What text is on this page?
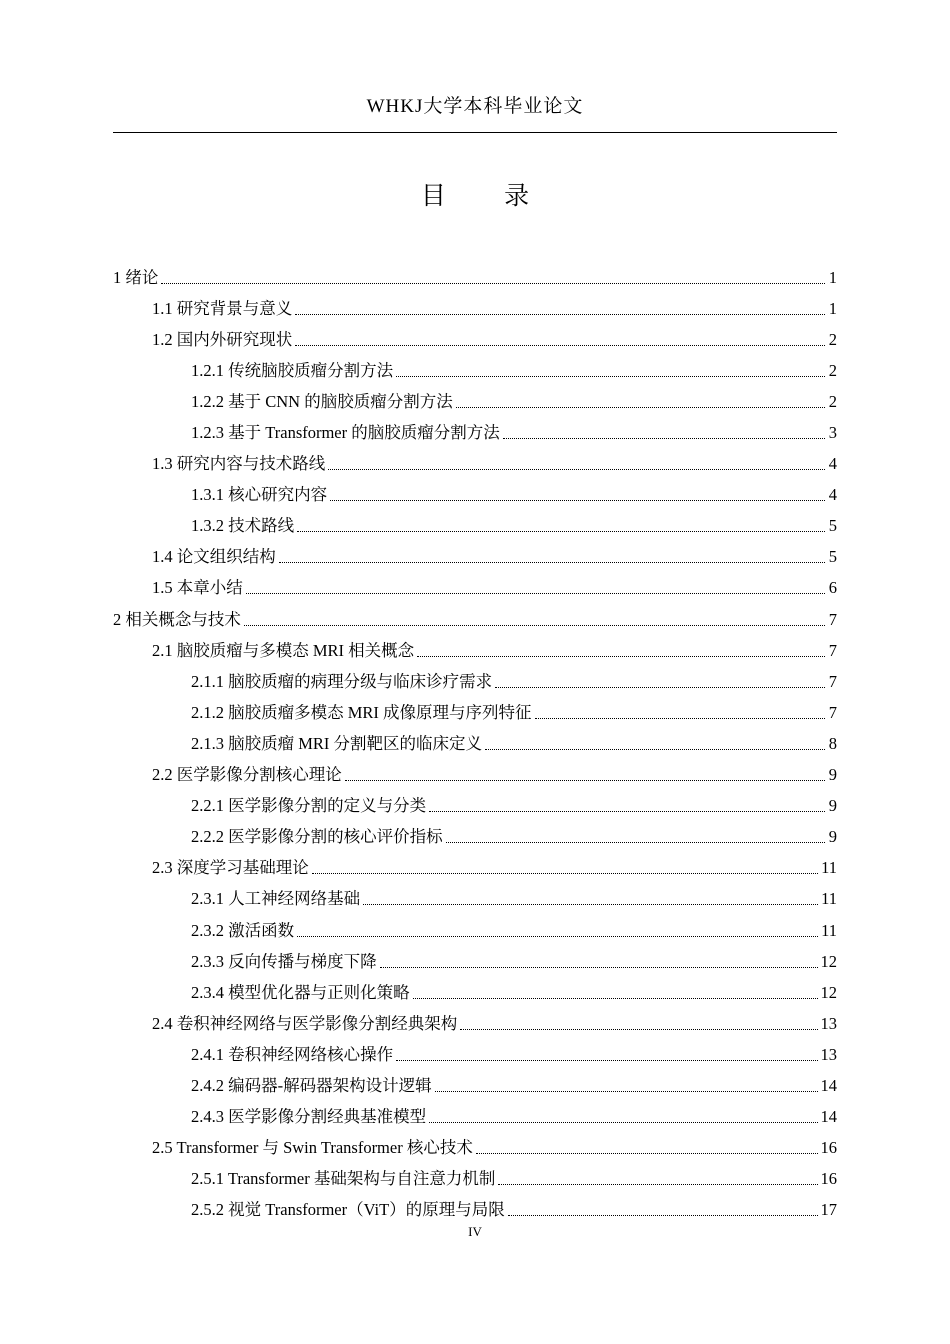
WHKJ大学本科毕业论文
目 录
1 绪论	1
1.1 研究背景与意义	1
1.2 国内外研究现状	2
1.2.1 传统脑胶质瘤分割方法	2
1.2.2 基于 CNN 的脑胶质瘤分割方法	2
1.2.3 基于 Transformer 的脑胶质瘤分割方法	3
1.3 研究内容与技术路线	4
1.3.1 核心研究内容	4
1.3.2 技术路线	5
1.4 论文组织结构	5
1.5 本章小结	6
2 相关概念与技术	7
2.1 脑胶质瘤与多模态 MRI 相关概念	7
2.1.1 脑胶质瘤的病理分级与临床诊疗需求	7
2.1.2 脑胶质瘤多模态 MRI 成像原理与序列特征	7
2.1.3 脑胶质瘤 MRI 分割靶区的临床定义	8
2.2 医学影像分割核心理论	9
2.2.1 医学影像分割的定义与分类	9
2.2.2 医学影像分割的核心评价指标	9
2.3 深度学习基础理论	11
2.3.1 人工神经网络基础	11
2.3.2 激活函数	11
2.3.3 反向传播与梯度下降	12
2.3.4 模型优化器与正则化策略	12
2.4 卷积神经网络与医学影像分割经典架构	13
2.4.1 卷积神经网络核心操作	13
2.4.2 编码器-解码器架构设计逻辑	14
2.4.3 医学影像分割经典基准模型	14
2.5 Transformer 与 Swin Transformer 核心技术	16
2.5.1 Transformer 基础架构与自注意力机制	16
2.5.2 视觉 Transformer（ViT）的原理与局限	17
IV
